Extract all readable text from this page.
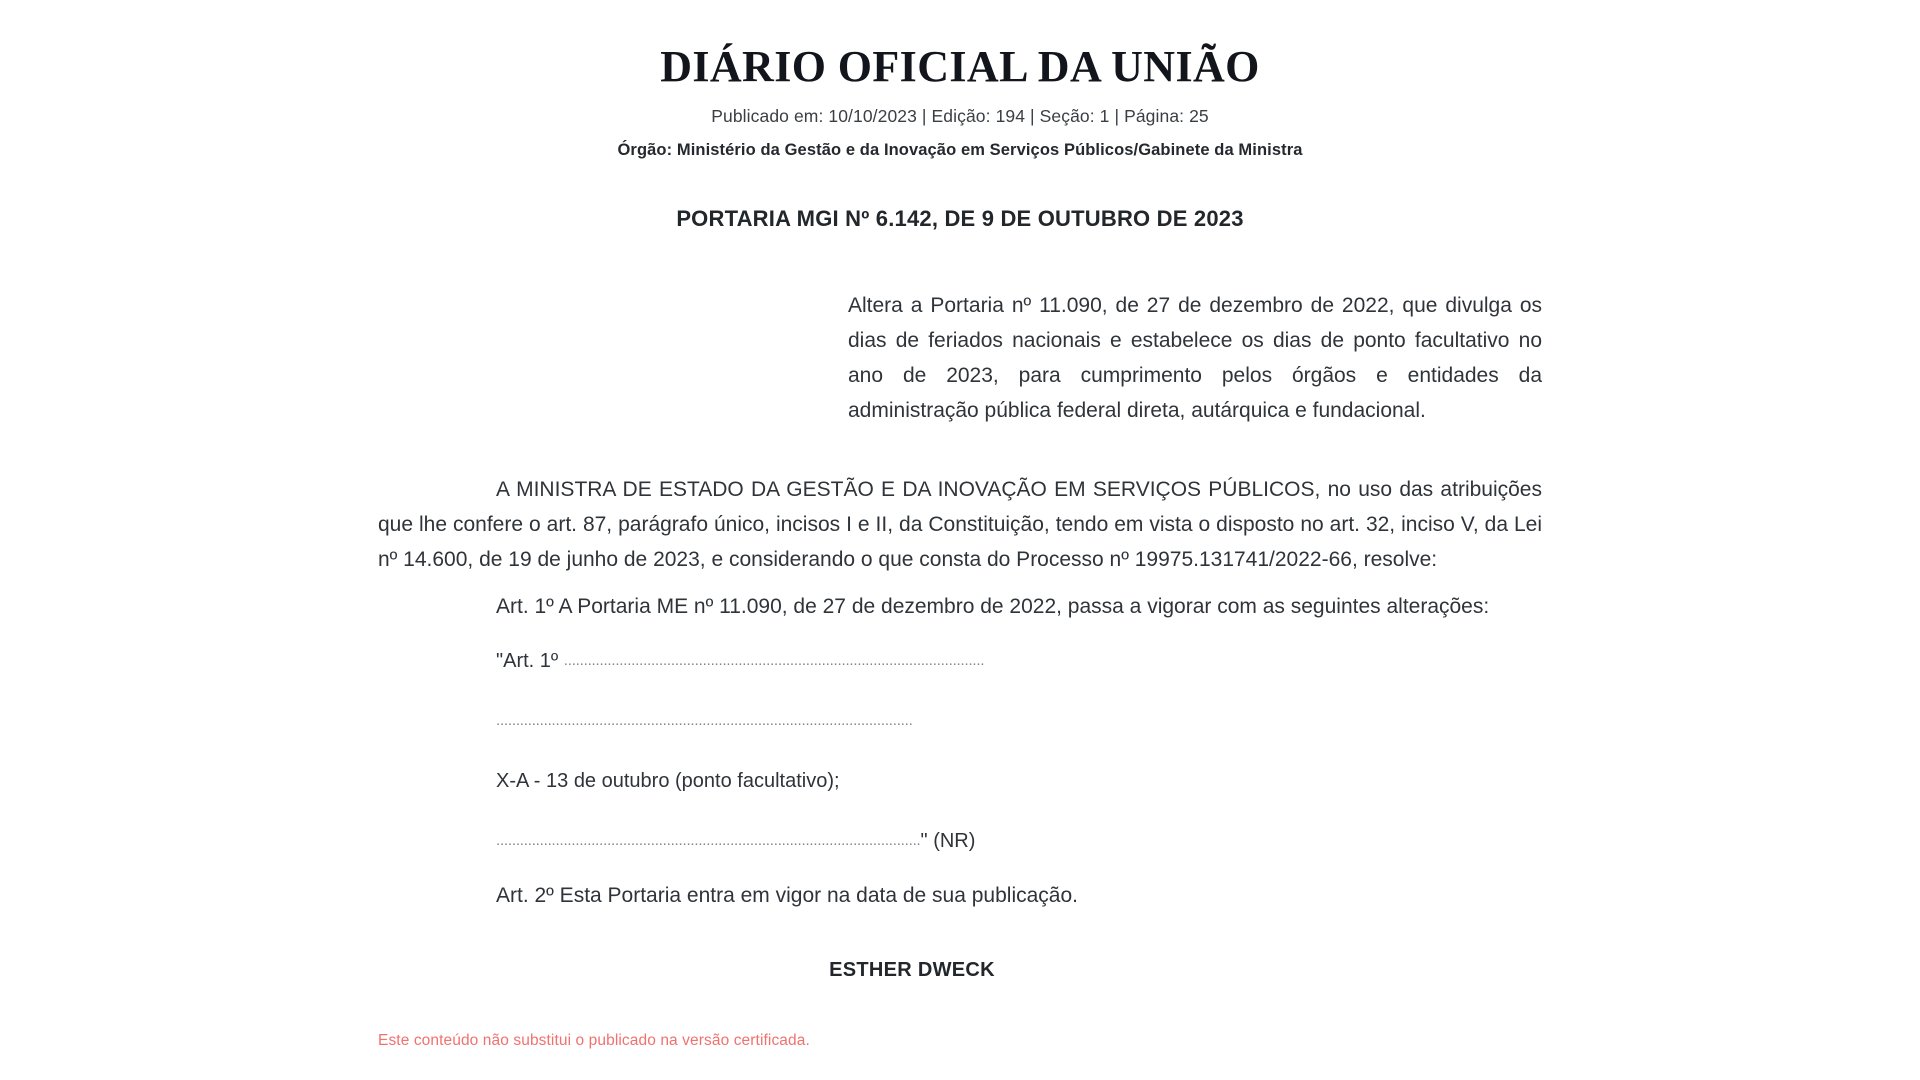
DIÁRIO OFICIAL DA UNIÃO
Publicado em: 10/10/2023 | Edição: 194 | Seção: 1 | Página: 25
Órgão: Ministério da Gestão e da Inovação em Serviços Públicos/Gabinete da Ministra
PORTARIA MGI Nº 6.142, DE 9 DE OUTUBRO DE 2023
Altera a Portaria nº 11.090, de 27 de dezembro de 2022, que divulga os dias de feriados nacionais e estabelece os dias de ponto facultativo no ano de 2023, para cumprimento pelos órgãos e entidades da administração pública federal direta, autárquica e fundacional.

A MINISTRA DE ESTADO DA GESTÃO E DA INOVAÇÃO EM SERVIÇOS PÚBLICOS, no uso das atribuições que lhe confere o art. 87, parágrafo único, incisos I e II, da Constituição, tendo em vista o disposto no art. 32, inciso V, da Lei nº 14.600, de 19 de junho de 2023, e considerando o que consta do Processo nº 19975.131741/2022-66, resolve:

Art. 1º A Portaria ME nº 11.090, de 27 de dezembro de 2022, passa a vigorar com as seguintes alterações:

"Art. 1º ..........................................................................................................
.........................................................................................................
X-A - 13 de outubro (ponto facultativo);
..........................................................................................................." (NR)

Art. 2º Esta Portaria entra em vigor na data de sua publicação.

ESTHER DWECK
Este conteúdo não substitui o publicado na versão certificada.
